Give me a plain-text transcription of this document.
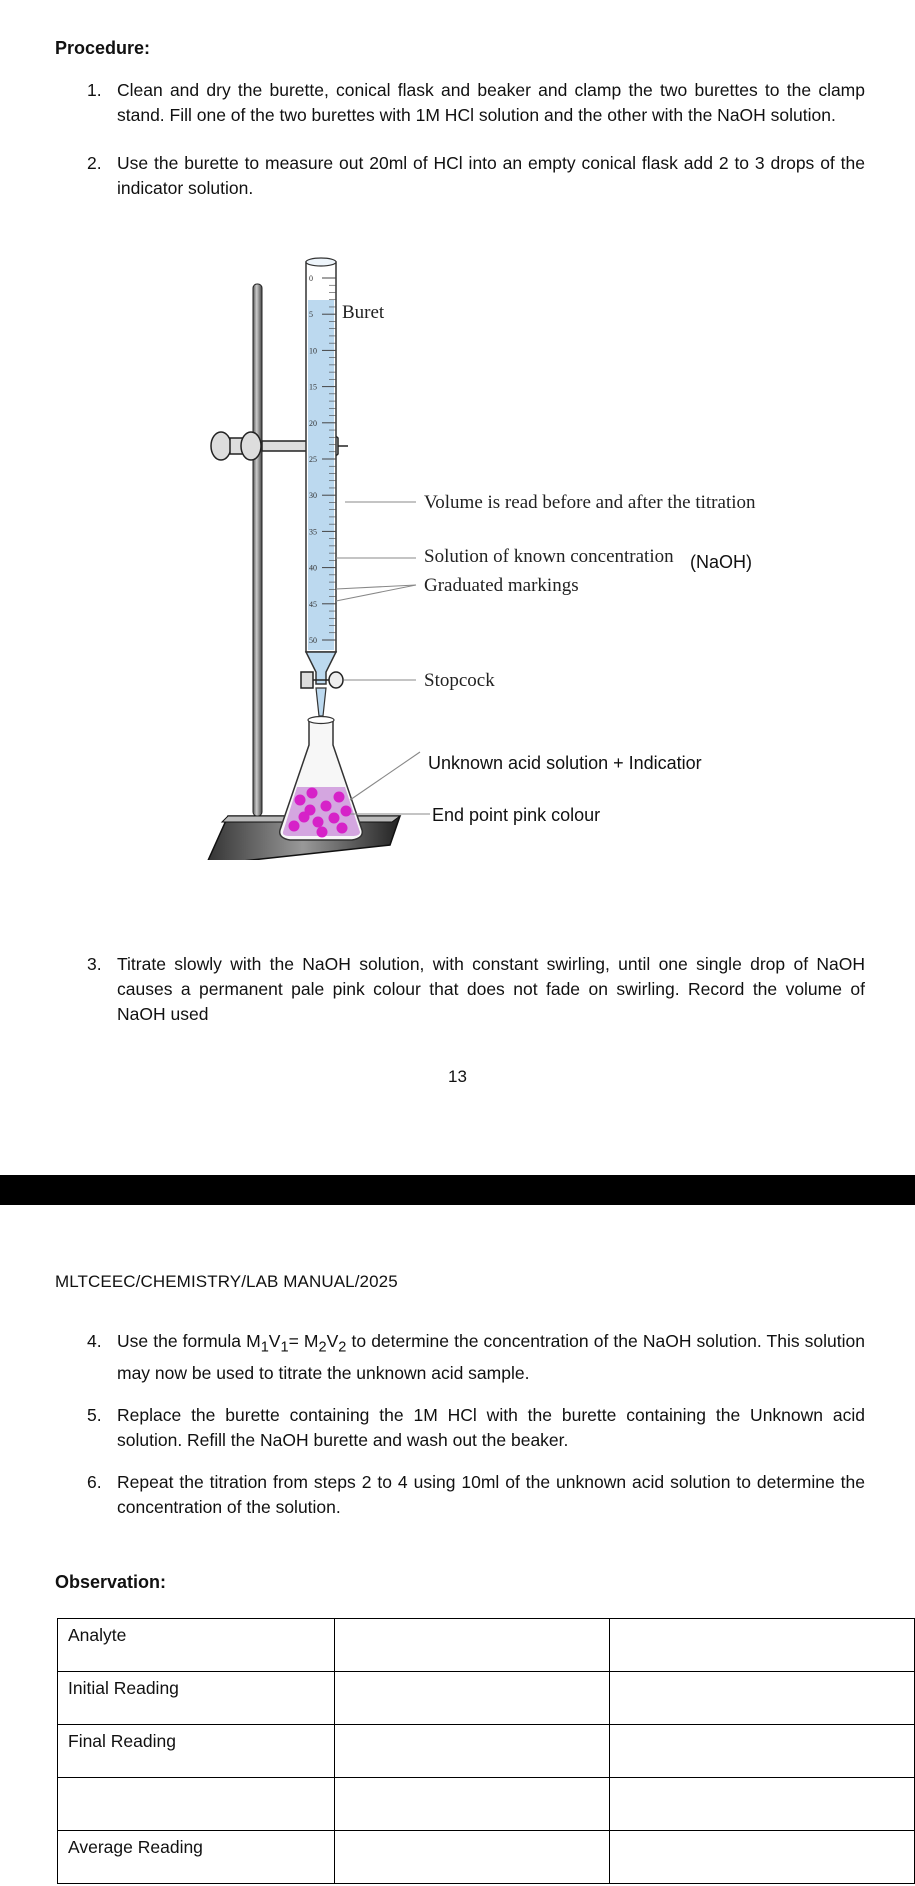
Procedure:
1. Clean and dry the burette, conical flask and beaker and clamp the two burettes to the clamp stand. Fill one of the two burettes with 1M HCl solution and the other with the NaOH solution.
2. Use the burette to measure out 20ml of HCl into an empty conical flask add 2 to 3 drops of the indicator solution.
0
5
10
15
20
25
30
35
40
45
50
Buret
Volume is read before and after the titration
Solution of known concentration (NaOH)
Graduated markings
Stopcock
Unknown acid solution + Indicatior
End point pink colour
3. Titrate slowly with the NaOH solution, with constant swirling, until one single drop of NaOH causes a permanent pale pink colour that does not fade on swirling. Record the volume of NaOH used
13
MLTCEEC/CHEMISTRY/LAB MANUAL/2025
4. Use the formula $M_1V_1= M_2V_2$ to determine the concentration of the NaOH solution. This solution may now be used to titrate the unknown acid sample.
5. Replace the burette containing the 1M HCl with the burette containing the Unknown acid solution. Refill the NaOH burette and wash out the beaker.
6. Repeat the titration from steps 2 to 4 using 10ml of the unknown acid solution to determine the concentration of the solution.
Observation:
Analyte		
Initial Reading		
Final Reading		

Average Reading		
